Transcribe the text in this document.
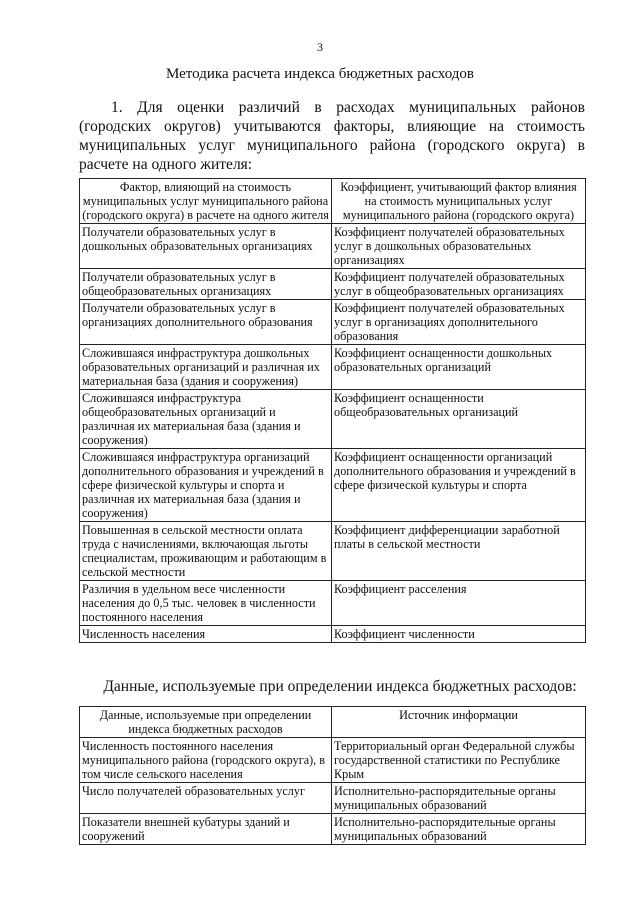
3
Методика расчета индекса бюджетных расходов

1. Для оценки различий в расходах муниципальных районов (городских округов) учитываются факторы, влияющие на стоимость муниципальных услуг муниципального района (городского округа) в расчете на одного жителя:

Фактор, влияющий на стоимость муниципальных услуг муниципального района (городского округа) в расчете на одного жителя	Коэффициент, учитывающий фактор влияния на стоимость муниципальных услуг муниципального района (городского округа)
Получатели образовательных услуг в дошкольных образовательных организациях	Коэффициент получателей образовательных услуг в дошкольных образовательных организациях
Получатели образовательных услуг в общеобразовательных организациях	Коэффициент получателей образовательных услуг в общеобразовательных организациях
Получатели образовательных услуг в организациях дополнительного образования	Коэффициент получателей образовательных услуг в организациях дополнительного образования
Сложившаяся инфраструктура дошкольных образовательных организаций и различная их материальная база (здания и сооружения)	Коэффициент оснащенности дошкольных образовательных организаций
Сложившаяся инфраструктура общеобразовательных организаций и различная их материальная база (здания и сооружения)	Коэффициент оснащенности общеобразовательных организаций
Сложившаяся инфраструктура организаций дополнительного образования и учреждений в сфере физической культуры и спорта и различная их материальная база (здания и сооружения)	Коэффициент оснащенности организаций дополнительного образования и учреждений в сфере физической культуры и спорта
Повышенная в сельской местности оплата труда с начислениями, включающая льготы специалистам, проживающим и работающим в сельской местности	Коэффициент дифференциации заработной платы в сельской местности
Различия в удельном весе численности населения до 0,5 тыс. человек в численности постоянного населения	Коэффициент расселения
Численность населения	Коэффициент численности
Данные, используемые при определении индекса бюджетных расходов:
Данные, используемые при определении индекса бюджетных расходов	Источник информации
Численность постоянного населения муниципального района (городского округа), в том числе сельского населения	Территориальный орган Федеральной службы государственной статистики по Республике Крым
Число получателей образовательных услуг	Исполнительно-распорядительные органы муниципальных образований
Показатели внешней кубатуры зданий и сооружений	Исполнительно-распорядительные органы муниципальных образований
